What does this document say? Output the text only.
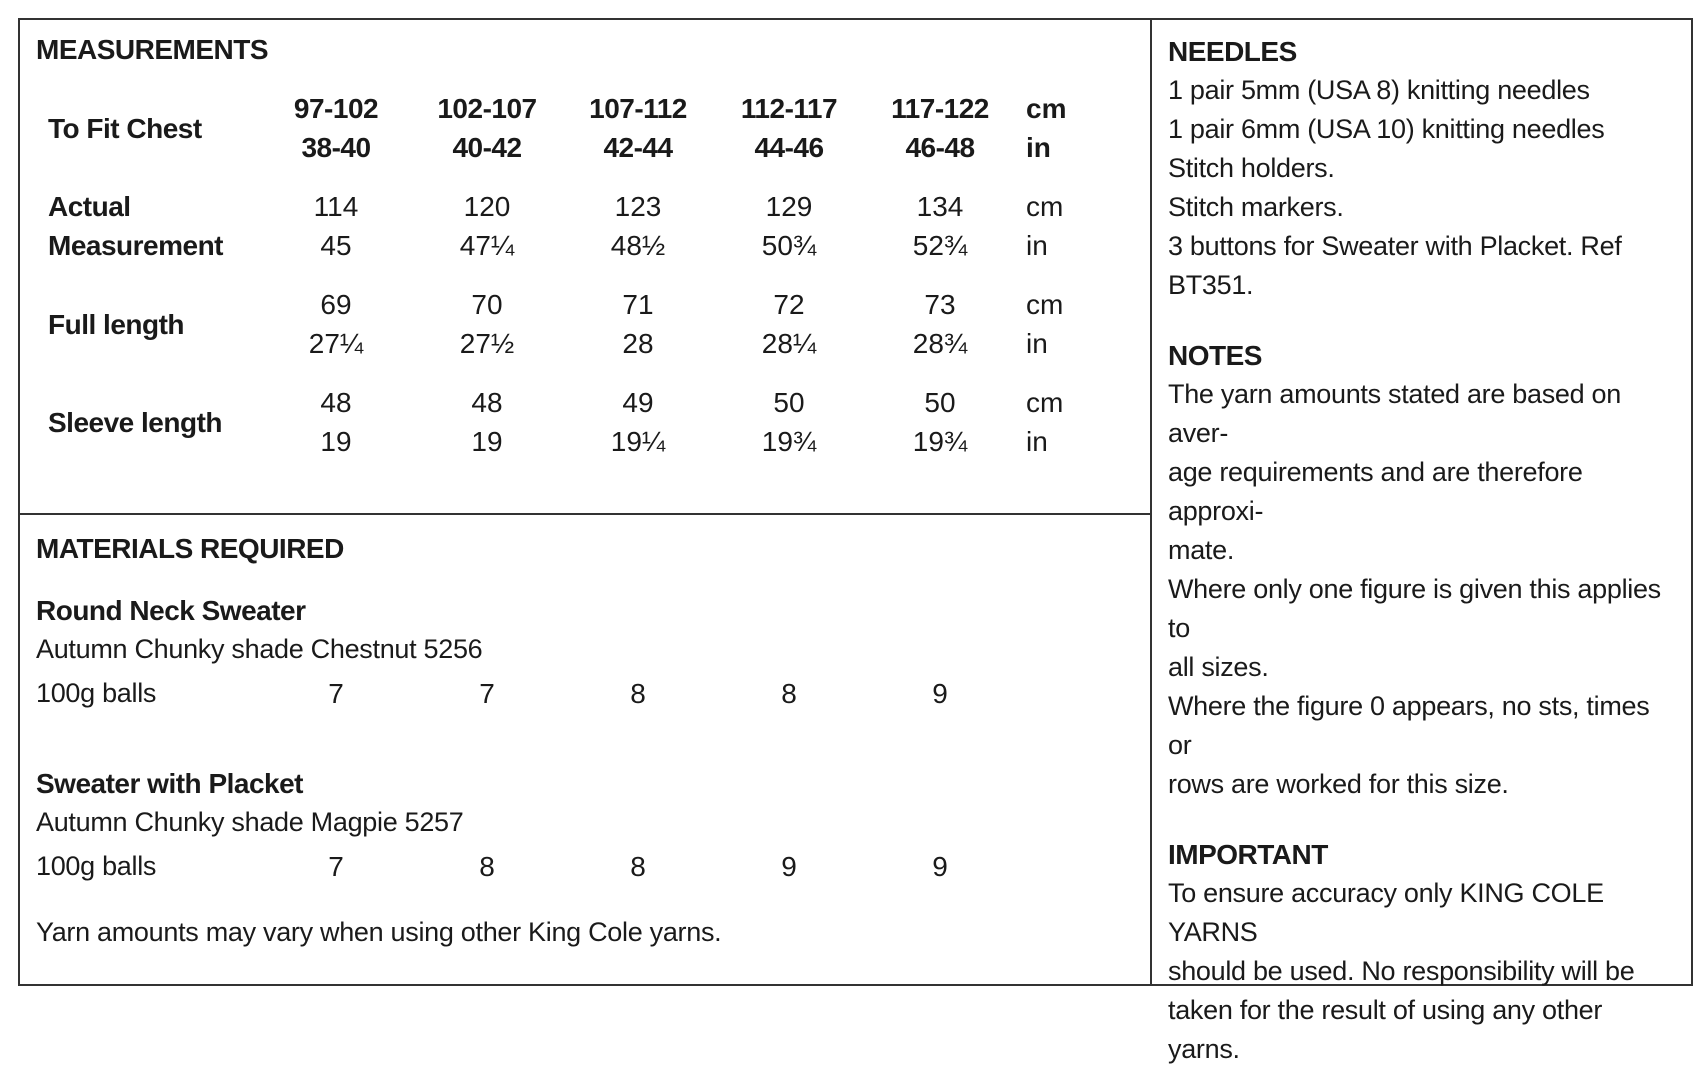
MEASUREMENTS
To Fit Chest
97-102	102-107	107-112	112-117	117-122	cm
38-40	40-42	42-44	44-46	46-48	in
Actual
Measurement
114	120	123	129	134	cm
45	47¼	48½	50¾	52¾	in
Full length
69	70	71	72	73	cm
27¼	27½	28	28¼	28¾	in
Sleeve length
48	48	49	50	50	cm
19	19	19¼	19¾	19¾	in
MATERIALS REQUIRED
Round Neck Sweater
Autumn Chunky shade Chestnut 5256
100g balls	7	7	8	8	9
Sweater with Placket
Autumn Chunky shade Magpie 5257
100g balls	7	8	8	9	9
Yarn amounts may vary when using other King Cole yarns.
NEEDLES
1 pair 5mm (USA 8) knitting needles
1 pair 6mm (USA 10) knitting needles
Stitch holders.
Stitch markers.
3 buttons for Sweater with Placket. Ref
BT351.
NOTES
The yarn amounts stated are based on aver-
age requirements and are therefore approxi-
mate.
Where only one figure is given this applies to
all sizes.
Where the figure 0 appears, no sts, times or
rows are worked for this size.
IMPORTANT
To ensure accuracy only KING COLE YARNS
should be used. No responsibility will be
taken for the result of using any other yarns.
